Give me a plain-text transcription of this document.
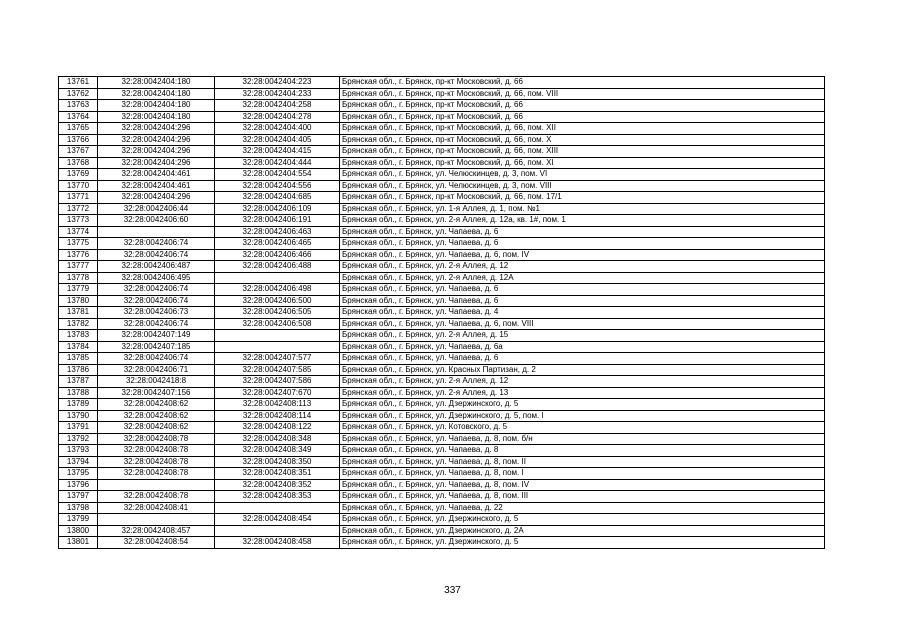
13761	32:28:0042404:180	32:28:0042404:223	Брянская обл., г. Брянск, пр-кт Московский, д. 66
13762	32:28:0042404:180	32:28:0042404:233	Брянская обл., г. Брянск, пр-кт Московский, д. 66, пом. VIII
13763	32:28:0042404:180	32:28:0042404:258	Брянская обл., г. Брянск, пр-кт Московский, д. 66
13764	32:28:0042404:180	32:28:0042404:278	Брянская обл., г. Брянск, пр-кт Московский, д. 66
13765	32:28:0042404:296	32:28:0042404:400	Брянская обл., г. Брянск, пр-кт Московский, д. 66, пом. XII
13766	32:28:0042404:296	32:28:0042404:405	Брянская обл., г. Брянск, пр-кт Московский, д. 66, пом. X
13767	32:28:0042404:296	32:28:0042404:415	Брянская обл., г. Брянск, пр-кт Московский, д. 66, пом. XIII
13768	32:28:0042404:296	32:28:0042404:444	Брянская обл., г. Брянск, пр-кт Московский, д. 66, пом. XI
13769	32:28:0042404:461	32:28:0042404:554	Брянская обл., г. Брянск, ул. Челюскинцев, д. 3, пом. VI
13770	32:28:0042404:461	32:28:0042404:556	Брянская обл., г. Брянск, ул. Челюскинцев, д. 3, пом. VIII
13771	32:28:0042404:296	32:28:0042404:685	Брянская обл., г. Брянск, пр-кт Московский, д. 66, пом. 17/1
13772	32:28:0042406:44	32:28:0042406:109	Брянская обл., г. Брянск, ул. 1-я Аллея, д. 1, пом. №1
13773	32:28:0042406:60	32:28:0042406:191	Брянская обл., г. Брянск, ул. 2-я Аллея, д. 12а, кв. 1#, пом. 1
13774		32:28:0042406:463	Брянская обл., г. Брянск, ул. Чапаева, д. 6
13775	32:28:0042406:74	32:28:0042406:465	Брянская обл., г. Брянск, ул. Чапаева, д. 6
13776	32:28:0042406:74	32:28:0042406:466	Брянская обл., г. Брянск, ул. Чапаева, д. 6, пом. IV
13777	32:28:0042406:487	32:28:0042406:488	Брянская обл., г. Брянск, ул. 2-я Аллея, д. 12
13778	32:28:0042406:495		Брянская обл., г. Брянск, ул. 2-я Аллея, д. 12А
13779	32:28:0042406:74	32:28:0042406:498	Брянская обл., г. Брянск, ул. Чапаева, д. 6
13780	32:28:0042406:74	32:28:0042406:500	Брянская обл., г. Брянск, ул. Чапаева, д. 6
13781	32:28:0042406:73	32:28:0042406:505	Брянская обл., г. Брянск, ул. Чапаева, д. 4
13782	32:28:0042406:74	32:28:0042406:508	Брянская обл., г. Брянск, ул. Чапаева, д. 6, пом. VIII
13783	32:28:0042407:149		Брянская обл., г. Брянск, ул. 2-я Аллея, д. 15
13784	32:28:0042407:185		Брянская обл., г. Брянск, ул. Чапаева, д. 6а
13785	32:28:0042406:74	32:28:0042407:577	Брянская обл., г. Брянск, ул. Чапаева, д. 6
13786	32:28:0042406:71	32:28:0042407:585	Брянская обл., г. Брянск, ул. Красных Партизан, д. 2
13787	32:28:0042418:8	32:28:0042407:586	Брянская обл., г. Брянск, ул. 2-я Аллея, д. 12
13788	32:28:0042407:156	32:28:0042407:670	Брянская обл., г. Брянск, ул. 2-я Аллея, д. 13
13789	32:28:0042408:62	32:28:0042408:113	Брянская обл., г. Брянск, ул. Дзержинского, д. 5
13790	32:28:0042408:62	32:28:0042408:114	Брянская обл., г. Брянск, ул. Дзержинского, д. 5, пом. I
13791	32:28:0042408:62	32:28:0042408:122	Брянская обл., г. Брянск, ул. Котовского, д. 5
13792	32:28:0042408:78	32:28:0042408:348	Брянская обл., г. Брянск, ул. Чапаева, д. 8, пом. б/н
13793	32:28:0042408:78	32:28:0042408:349	Брянская обл., г. Брянск, ул. Чапаева, д. 8
13794	32:28:0042408:78	32:28:0042408:350	Брянская обл., г. Брянск, ул. Чапаева, д. 8, пом. II
13795	32:28:0042408:78	32:28:0042408:351	Брянская обл., г. Брянск, ул. Чапаева, д. 8, пом. I
13796		32:28:0042408:352	Брянская обл., г. Брянск, ул. Чапаева, д. 8, пом. IV
13797	32:28:0042408:78	32:28:0042408:353	Брянская обл., г. Брянск, ул. Чапаева, д. 8, пом. III
13798	32:28:0042408:41		Брянская обл., г. Брянск, ул. Чапаева, д. 22
13799		32:28:0042408:454	Брянская обл., г. Брянск, ул. Дзержинского, д. 5
13800	32:28:0042408:457		Брянская обл., г. Брянск, ул. Дзержинского, д. 2А
13801	32:28:0042408:54	32:28:0042408:458	Брянская обл., г. Брянск, ул. Дзержинского, д. 5
337
